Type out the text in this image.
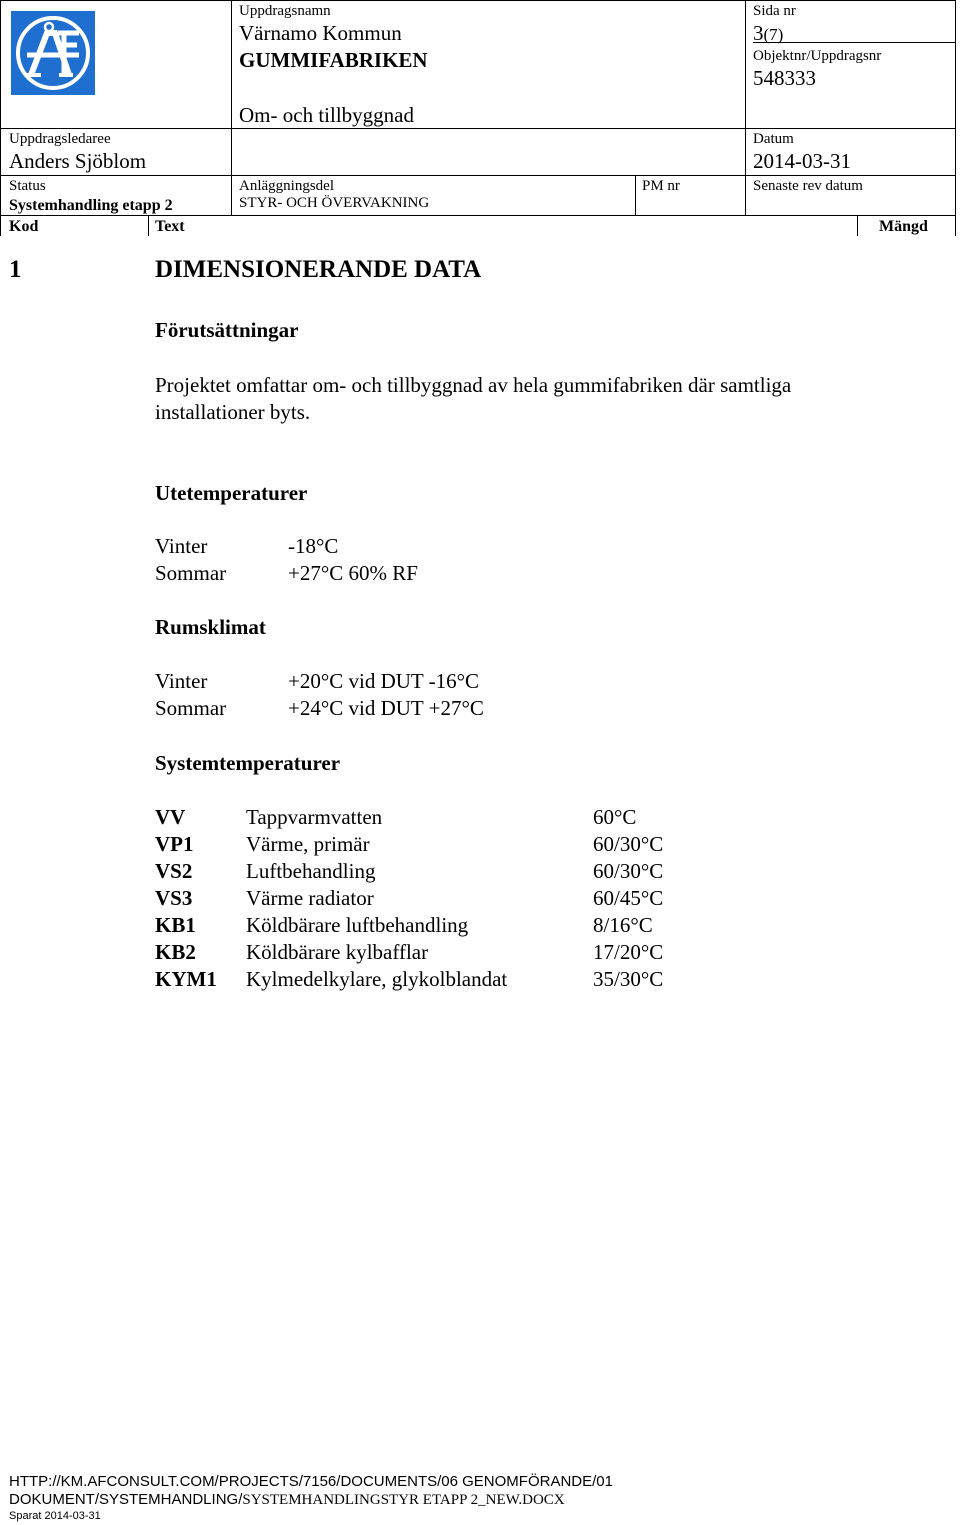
Uppdragsnamn
Värnamo Kommun
GUMMIFABRIKEN
Om- och tillbyggnad
Sida nr
3(7)
Objektnr/Uppdragsnr
548333
Uppdragsledaree
Anders Sjöblom
Datum
2014-03-31
Status
Systemhandling etapp 2
Anläggningsdel
STYR- OCH ÖVERVAKNING
PM nr	Senaste rev datum
Kod	Text	Mängd
1	DIMENSIONERANDE DATA
Förutsättningar
Projektet omfattar om- och tillbyggnad av hela gummifabriken där samtliga installationer byts.
Utetemperaturer
Vinter	-18°C
Sommar	+27°C 60% RF
Rumsklimat
Vinter	+20°C vid DUT -16°C
Sommar	+24°C vid DUT +27°C
Systemtemperaturer
VV	Tappvarmvatten	60°C
VP1	Värme, primär	60/30°C
VS2	Luftbehandling	60/30°C
VS3	Värme radiator	60/45°C
KB1 Köldbärare luftbehandling	8/16°C
KB2 Köldbärare kylbafflar	17/20°C
KYM1 Kylmedelkylare, glykolblandat	35/30°C
HTTP://KM.AFCONSULT.COM/PROJECTS/7156/DOCUMENTS/06 GENOMFÖRANDE/01
DOKUMENT/SYSTEMHANDLING/SYSTEMHANDLINGSTYR ETAPP 2_NEW.DOCX
Sparat 2014-03-31
